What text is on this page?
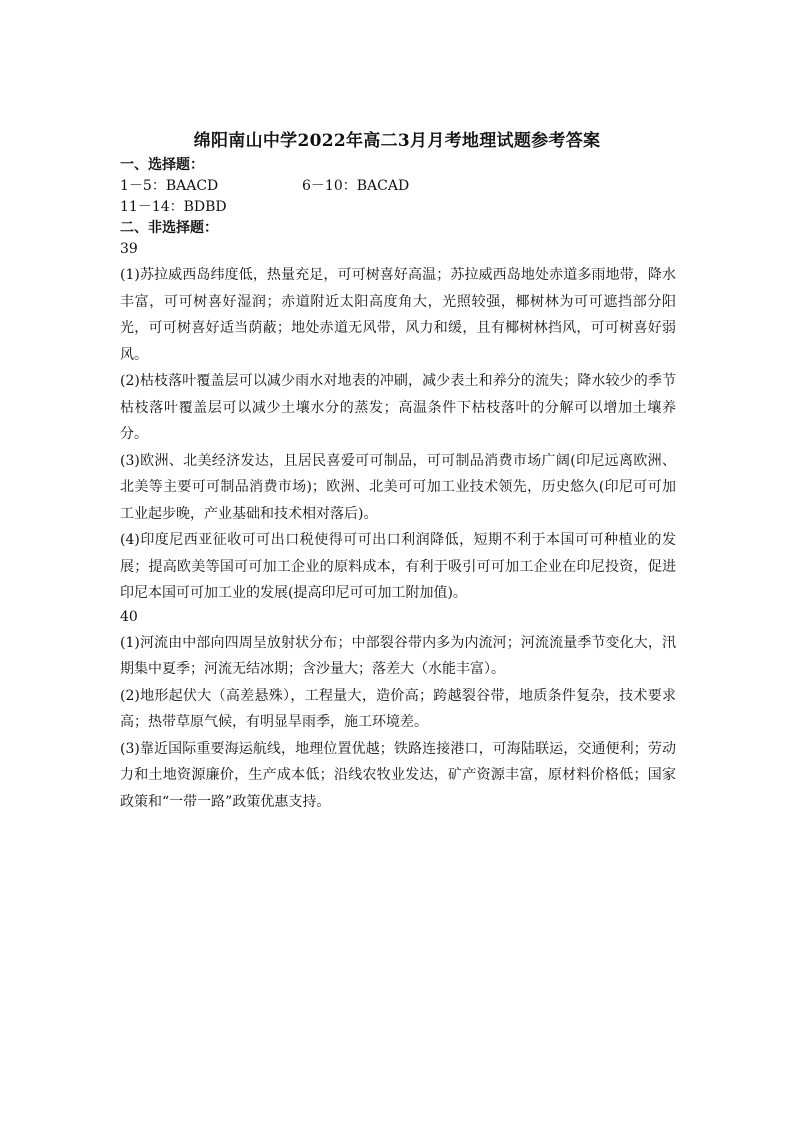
绵阳南山中学2022年高二3月月考地理试题参考答案
一、选择题：
1－5：BAACD	6－10：BACAD
11－14：BDBD
二、非选择题：
39

(1)苏拉威西岛纬度低，热量充足，可可树喜好高温；苏拉威西岛地处赤道多雨地带，降水丰富，可可树喜好湿润；赤道附近太阳高度角大，光照较强，椰树林为可可遮挡部分阳光，可可树喜好适当荫蔽；地处赤道无风带，风力和缓，且有椰树林挡风，可可树喜好弱风。

(2)枯枝落叶覆盖层可以减少雨水对地表的冲刷，减少表土和养分的流失；降水较少的季节枯枝落叶覆盖层可以减少土壤水分的蒸发；高温条件下枯枝落叶的分解可以增加土壤养分。

(3)欧洲、北美经济发达，且居民喜爱可可制品，可可制品消费市场广阔(印尼远离欧洲、北美等主要可可制品消费市场)；欧洲、北美可可加工业技术领先，历史悠久(印尼可可加工业起步晚，产业基础和技术相对落后)。

(4)印度尼西亚征收可可出口税使得可可出口利润降低，短期不利于本国可可种植业的发展；提高欧美等国可可加工企业的原料成本，有利于吸引可可加工企业在印尼投资，促进印尼本国可可加工业的发展(提高印尼可可加工附加值)。

40

(1)河流由中部向四周呈放射状分布；中部裂谷带内多为内流河；河流流量季节变化大，汛期集中夏季；河流无结冰期；含沙量大；落差大（水能丰富）。

(2)地形起伏大（高差悬殊），工程量大，造价高；跨越裂谷带，地质条件复杂，技术要求高；热带草原气候，有明显旱雨季，施工环境差。

(3)靠近国际重要海运航线，地理位置优越；铁路连接港口，可海陆联运，交通便利；劳动力和土地资源廉价，生产成本低；沿线农牧业发达，矿产资源丰富，原材料价格低；国家政策和“一带一路”政策优惠支持。
